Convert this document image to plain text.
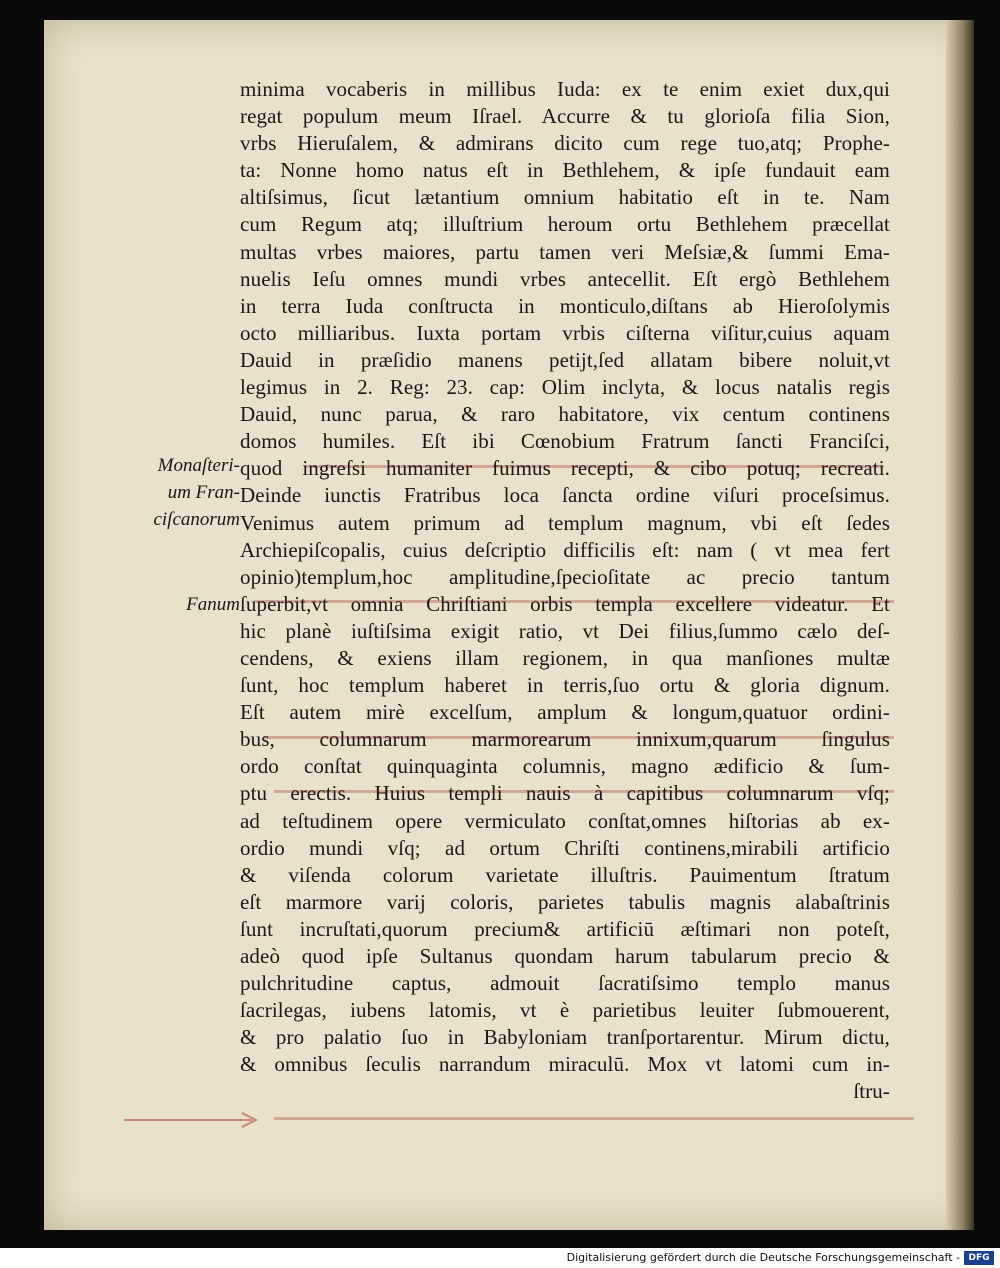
Monaſteri-
um Fran-
ciſcanorum
Fanum
minima vocaberis in millibus Iuda: ex te enim exiet dux,qui
regat populum meum Iſrael. Accurre & tu glorioſa filia Sion,
vrbs Hieruſalem, & admirans dicito cum rege tuo,atq; Prophe-
ta: Nonne homo natus eſt in Bethlehem, & ipſe fundauit eam
altiſsimus, ſicut lætantium omnium habitatio eſt in te. Nam
cum Regum atq; illuſtrium heroum ortu Bethlehem præcellat
multas vrbes maiores, partu tamen veri Meſsiæ,& ſummi Ema-
nuelis Ieſu omnes mundi vrbes antecellit. Eſt ergò Bethlehem
in terra Iuda conſtructa in monticulo,diſtans ab Hieroſolymis
octo milliaribus. Iuxta portam vrbis ciſterna viſitur,cuius aquam
Dauid in præſidio manens petijt,ſed allatam bibere noluit,vt
legimus in 2. Reg: 23. cap: Olim inclyta, & locus natalis regis
Dauid, nunc parua, & raro habitatore, vix centum continens
domos humiles. Eſt ibi Cœnobium Fratrum ſancti Franciſci,
quod ingreſsi humaniter fuimus recepti, & cibo potuq; recreati.
Deinde iunctis Fratribus loca ſancta ordine viſuri proceſsimus.
Venimus autem primum ad templum magnum, vbi eſt ſedes
Archiepiſcopalis, cuius deſcriptio difficilis eſt: nam ( vt mea fert
opinio)templum,hoc amplitudine,ſpecioſitate ac precio tantum
ſuperbit,vt omnia Chriſtiani orbis templa excellere videatur. Et
hic planè iuſtiſsima exigit ratio, vt Dei filius,ſummo cælo deſ-
cendens, & exiens illam regionem, in qua manſiones multæ
ſunt, hoc templum haberet in terris,ſuo ortu & gloria dignum.
Eſt autem mirè excelſum, amplum & longum,quatuor ordini-
bus, columnarum marmorearum innixum,quarum ſingulus
ordo conſtat quinquaginta columnis, magno ædificio & ſum-
ptu erectis. Huius templi nauis à capitibus columnarum vſq;
ad teſtudinem opere vermiculato conſtat,omnes hiſtorias ab ex-
ordio mundi vſq; ad ortum Chriſti continens,mirabili artificio
& viſenda colorum varietate illuſtris. Pauimentum ſtratum
eſt marmore varij coloris, parietes tabulis magnis alabaſtrinis
ſunt incruſtati,quorum precium& artificiū æſtimari non poteſt,
adeò quod ipſe Sultanus quondam harum tabularum precio &
pulchritudine captus, admouit ſacratiſsimo templo manus
ſacrilegas, iubens latomis, vt è parietibus leuiter ſubmouerent,
& pro palatio ſuo in Babyloniam tranſportarentur. Mirum dictu,
& omnibus ſeculis narrandum miraculū. Mox vt latomi cum in-
ſtru-
Digitalisierung gefördert durch die Deutsche Forschungsgemeinschaft - DFG
